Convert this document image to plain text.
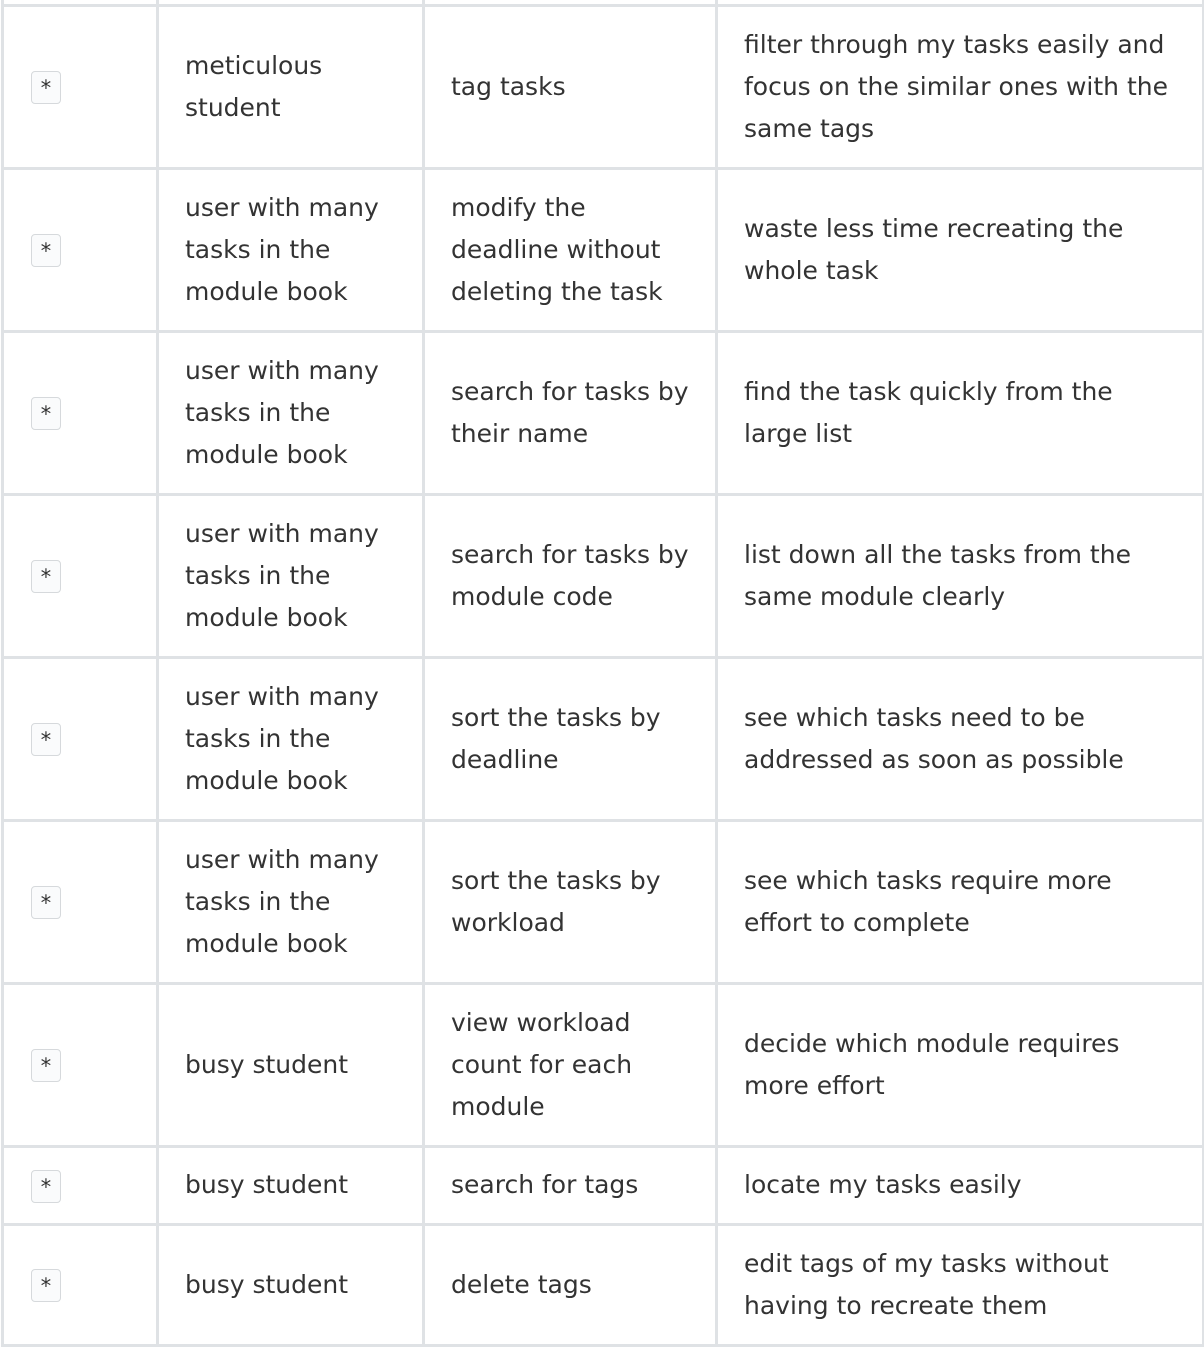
*	meticulous student	tag tasks	filter through my tasks easily and focus on the similar ones with the same tags
*	user with many tasks in the module book	modify the deadline without deleting the task	waste less time recreating the whole task
*	user with many tasks in the module book	search for tasks by their name	find the task quickly from the large list
*	user with many tasks in the module book	search for tasks by module code	list down all the tasks from the same module clearly
*	user with many tasks in the module book	sort the tasks by deadline	see which tasks need to be addressed as soon as possible
*	user with many tasks in the module book	sort the tasks by workload	see which tasks require more effort to complete
*	busy student	view workload count for each module	decide which module requires more effort
*	busy student	search for tags	locate my tasks easily
*	busy student	delete tags	edit tags of my tasks without having to recreate them
